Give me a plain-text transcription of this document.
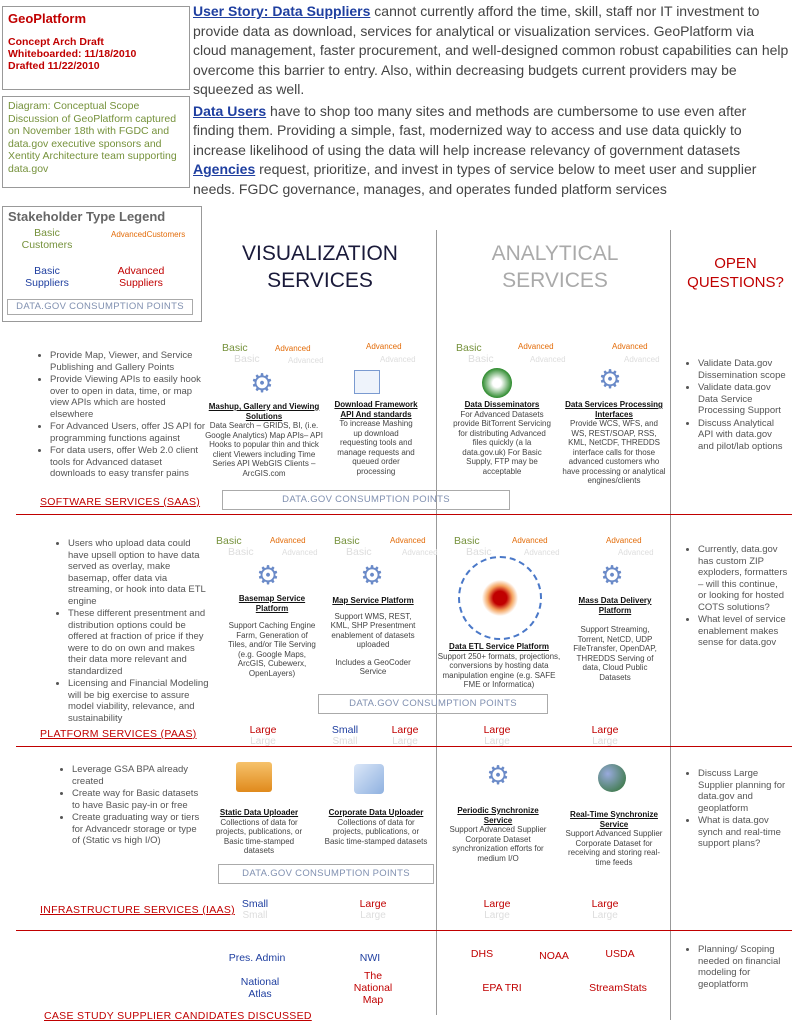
GeoPlatform
Concept Arch Draft
Whiteboarded: 11/18/2010
Drafted 11/22/2010
Diagram: Conceptual Scope Discussion of GeoPlatform captured on November 18th with FGDC and data.gov executive sponsors and Xentity Architecture team supporting data.gov

User Story: Data Suppliers cannot currently afford the time, skill, staff nor IT investment to provide data as download, services for analytical or visualization services. GeoPlatform via cloud management, faster procurement, and well-designed common robust capabilities can help overcome this barrier to entry. Also, within decreasing budgets current providers may be squeezed as well.

Data Users have to shop too many sites and methods are cumbersome to use even after finding them. Providing a simple, fast, modernized way to access and use data quickly to increase likelihood of using the data will help increase relevancy of government datasets Agencies request, prioritize, and invest in types of service below to meet user and supplier needs. FGDC governance, manages, and operates funded platform services

Stakeholder Type Legend
Basic Customers
AdvancedCustomers
Basic Suppliers
Advanced Suppliers
DATA.GOV CONSUMPTION POINTS
VISUALIZATION SERVICES
ANALYTICAL SERVICES
OPEN QUESTIONS?
• Provide Map, Viewer, and Service Publishing and Gallery Points
• Provide Viewing APIs to easily hook over to open in data, time, or map view APIs which are hosted elsewhere
• For Advanced Users, offer JS API for programming functions against
• For data users, offer Web 2.0 client tools for Advanced dataset downloads to easy transfer pains
SOFTWARE SERVICES (SAAS)
Basic
Basic
Advanced
Advanced
Advanced
Advanced
Basic
Basic
Advanced
Advanced
Advanced
Advanced
⚙
Mashup, Gallery and Viewing Solutions
Data Search – GRIDS, BI, (i.e. Google Analytics) Map APIs– API Hooks to popular thin and thick client Viewers including Time Series API WebGIS Clients – ArcGIS.com
Download Framework API And standards
To increase Mashing up download requesting tools and manage requests and queued order processing
Data Disseminators
For Advanced Datasets provide BitTorrent Servicing for distributing Advanced files quickly (a la data.gov.uk) For Basic Supply, FTP may be acceptable
⚙
Data Services Processing Interfaces
Provide WCS, WFS, and WS, REST/SOAP, RSS, KML, NetCDF, THREDDS interface calls for those advanced customers who have processing or analytical engines/clients
DATA.GOV CONSUMPTION POINTS
• Validate Data.gov Dissemination scope
• Validate data.gov Data Service Processing Support
• Discuss Analytical API with data.gov and pilot/lab options
• Users who upload data could have upsell option to have data served as overlay, make basemap, offer data via streaming, or hook into data ETL engine
• These different presentment and distribution options could be offered at fraction of price if they were to do on own and makes their data more relevant and standardized
• Licensing and Financial Modeling will be big exercise to assure model viability, relevance, and sustainability
PLATFORM SERVICES (PAAS)
Basic
Basic
Advanced
Advanced
Basic
Basic
Advanced
Advanced
Basic
Basic
Advanced
Advanced
Advanced
Advanced
⚙
Basemap Service Platform
Support Caching Engine Farm, Generation of Tiles, and/or Tile Serving (e.g. Google Maps, ArcGIS, Cubewerx, OpenLayers)
⚙
Map Service Platform
Support WMS, REST, KML, SHP Presentment enablement of datasets uploaded
Includes a GeoCoder Service
Data ETL Service Platform
Support 250+ formats, projections, conversions by hosting data manipulation engine (e.g. SAFE FME or Informatica)
⚙
Mass Data Delivery Platform
Support Streaming, Torrent, NetCD, UDP FileTransfer, OpenDAP, THREDDS Serving of data, Cloud Public Datasets
DATA.GOV CONSUMPTION POINTS
• Currently, data.gov has custom ZIP exploders, formatters – will this continue, or looking for hosted COTS solutions?
• What level of service enablement makes sense for data.gov
Large
Large
Small
Small
Large
Large
Large
Large
Large
Large
• Leverage GSA BPA already created
• Create way for Basic datasets to have Basic pay-in or free
• Create graduating way or tiers for Advancedr storage or type of (Static vs high I/O)
INFRASTRUCTURE SERVICES (IAAS)
Static Data Uploader
Collections of data for projects, publications, or Basic time-stamped datasets
Corporate Data Uploader
Collections of data for projects, publications, or Basic time-stamped datasets
⚙
Periodic Synchronize Service
Support Advanced Supplier Corporate Dataset synchronization efforts for medium I/O
Real-Time Synchronize Service
Support Advanced Supplier Corporate Dataset for receiving and storing real-time feeds
DATA.GOV CONSUMPTION POINTS
• Discuss Large Supplier planning for data.gov and geoplatform
• What is data.gov synch and real-time support plans?
Small
Small
Large
Large
Large
Large
Large
Large
CASE STUDY SUPPLIER CANDIDATES DISCUSSED
Pres. Admin
National Atlas
NWI
The National Map
DHS	NOAA	USDA
EPA TRI	StreamStats
• Planning/ Scoping needed on financial modeling for geoplatform
